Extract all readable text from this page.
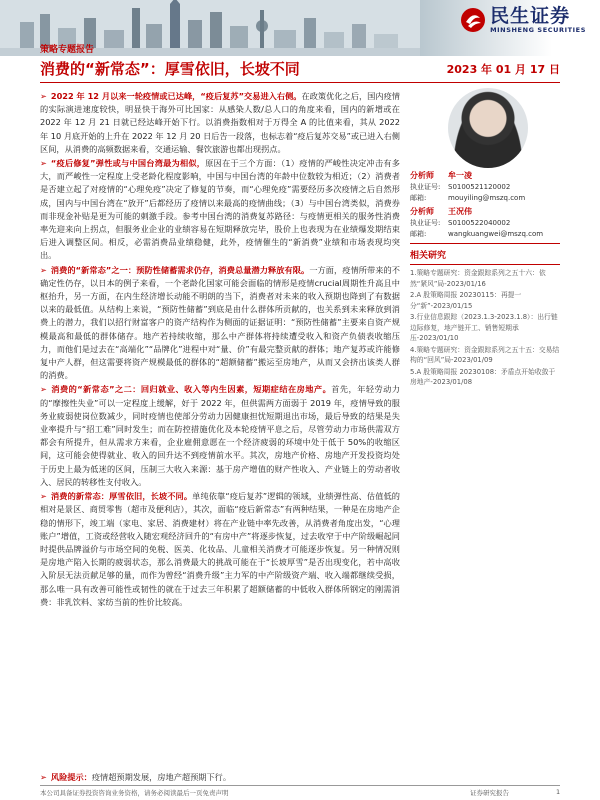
民生证券
MINSHENG SECURITIES
策略专题报告
消费的“新常态”：厚雪依旧，长坡不同	2023 年 01 月 17 日

➢ 2022 年 12 月以来一轮疫情或已达峰，“疫后复苏”交易进入右侧。在政策优化之后，国内疫情的实际演进速度较快，明显快于海外可比国家：从感染人数/总人口的角度来看，国内的新增或在 2022 年 12 月 21 日就已经达峰开始下行。以消费指数相对于万得全 A 的比值来看，其从 2022 年 10 月底开始的上升在 2022 年 12 月 20 日后告一段落，也标志着“疫后复苏交易”或已进入右侧区间，从消费的高频数据来看，交通运输、餐饮旅游也都出现拐点。

➢ “疫后修复”弹性或与中国台湾最为相似，原因在于三个方面：（1）疫情的严峻性决定冲击有多大，而严峻性一定程度上受老龄化程度影响，中国与中国台湾的年龄中位数较为相近；（2）消费者是否建立起了对疫情的“心理免疫”决定了修复的节奏，而“心理免疫”需要经历多次疫情之后自然形成，国内与中国台湾在“放开”后都经历了疫情以来最高的疫情曲线；（3）与中国台湾类似，消费券而非现金补贴是更为可能的刺激手段。参考中国台湾的消费复苏路径：与疫情更相关的服务性消费率先迎来向上拐点，但服务业企业的业绩容易在短期释放完毕，股价上也表现为在业绩爆发期结束后进入调整区间。相反，必需消费品业绩稳健，此外，疫情催生的“新消费”业绩和市场表现均突出。

➢ 消费的“新常态”之一：预防性储蓄需求仍存，消费总量潜力释放有限。一方面，疫情所带来的不确定性仍存，以日本的例子来看，一个老龄化国家可能会面临的情形是疫情crucial周期性升高且中枢抬升，另一方面，在内生经济增长动能不明朗的当下，消费者对未来的收入预期也降到了有数据以来的最低值。从结构上来说，“预防性储蓄”到底是由什么群体所贡献的，也关系到未来释放到消费上的潜力，我们以招行财富客户的资产结构作为侧面的证据证明：“预防性储蓄”主要来自资产规模最高和最低的群体储存。地产若持续收缩，那么中产群体将持续遭受收入和资产负债表收缩压力，而他们是过去在“高端化”“品牌化”进程中对“量、价”有最完整贡献的群体；地产复苏或许能修复中产人群，但这需要将资产规模最低的群体的“超额储蓄”搬运至房地产，从而又会挤出该类人群的消费。

➢ 消费的“新常态”之二：回归就业、收入等内生因素，短期症结在房地产。首先，年轻劳动力的“摩擦性失业”可以一定程度上缓解，好于 2022 年，但供需两方面弱于 2019 年，疫情导致的服务业疲弱使岗位数减少，同时疫情也使部分劳动力因健康担忧短期退出市场，最后导致的结果是失业率提升与“招工难”同时发生；而在防控措施优化及本轮疫情平息之后，尽管劳动力市场供需双方都会有所提升，但从需求方来看，企业雇佣意愿在一个经济疲弱的环境中处于低于 50%的收缩区间，这可能会使得就业、收入的回升达不到疫情前水平。其次，房地产价格、房地产开发投资均处于历史上最为低迷的区间，压制三大收入来源：基于房产增值的财产性收入、产业链上的劳动者收入、居民的转移性支付收入。

➢ 消费的新常态：厚雪依旧，长坡不同。单纯依靠“疫后复苏”逻辑的领域，业绩弹性高、估值低的相对是景区、商贸零售（超市及便利店），其次，面临“疫后新常态”有两种结果，一种是在房地产企稳的情形下，竣工端（家电、家居、消费建材）将在产业链中率先改善，从消费者角度出发，“心理账户”增值，工资或经营收入随宏观经济回升的“有房中产”将逐步恢复，过去收窄于中产阶级崛起同时提供品牌溢价与市场空间的免税、医美、化妆品、儿童相关消费才可能逐步恢复。另一种情况则是房地产陷入长期的疲弱状态，那么消费最大的挑战可能在于“长坡厚雪”是否出现变化，若中高收入阶层无法贡献足够的量，而作为曾经“消费升级”主力军的中产阶级资产端、收入端都继续受损，那么唯一具有改善可能性或韧性的就在于过去三年积累了超额储蓄的中低收入群体所钢定的刚需消费：非乳饮料、家纺当前的性价比较高。

➢ 风险提示：疫情超预期发展，房地产超预期下行。
分析师	牟一凌
执业证号:	S0100521120002
邮箱:	mouyiling@mszq.com
分析师	王况伟
执业证号:	S0100522040002
邮箱:	wangkuangwei@mszq.com
相关研究
1.策略专题研究：资金跟踪系列之五十六：依然“紧风”局-2023/01/16
2.A 股策略周报 20230115：再提一分“新”-2023/01/15
3.行业信息跟踪（2023.1.3-2023.1.8）：出行链边际修复，地产链开工、销售短期承压-2023/01/10
4.策略专题研究：资金跟踪系列之五十五：交易结构的“回风”局-2023/01/09
5.A 股策略周报 20230108：矛盾点开始收敛于房地产-2023/01/08
本公司具备证券投资咨询业务资格，请务必阅读最后一页免责声明	证券研究报告	1
